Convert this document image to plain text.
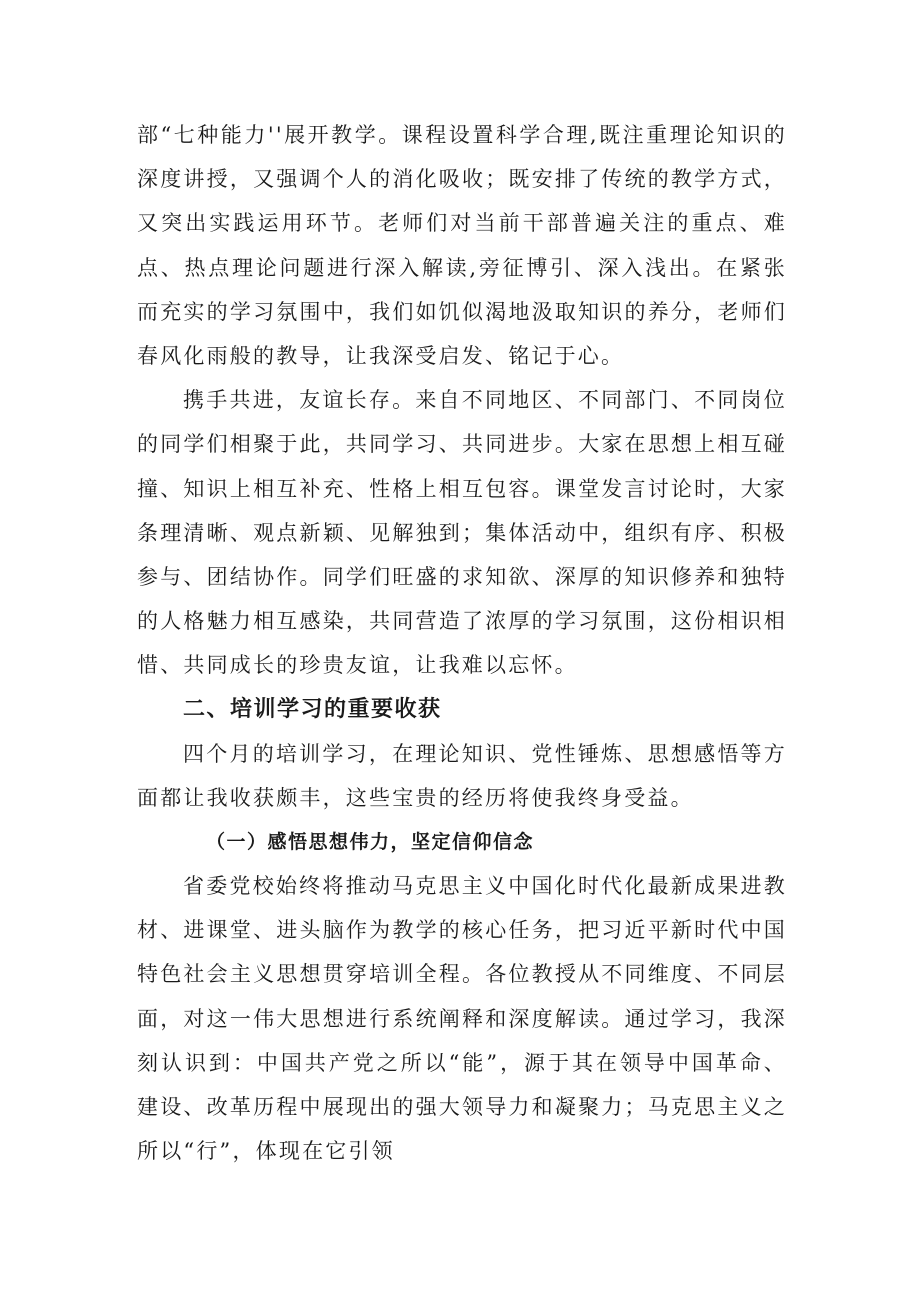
部“七种能力''展开教学。课程设置科学合理,既注重理论知识的深度讲授，又强调个人的消化吸收；既安排了传统的教学方式，又突出实践运用环节。老师们对当前干部普遍关注的重点、难点、热点理论问题进行深入解读,旁征博引、深入浅出。在紧张而充实的学习氛围中，我们如饥似渴地汲取知识的养分，老师们春风化雨般的教导，让我深受启发、铭记于心。

携手共进，友谊长存。来自不同地区、不同部门、不同岗位的同学们相聚于此，共同学习、共同进步。大家在思想上相互碰撞、知识上相互补充、性格上相互包容。课堂发言讨论时，大家条理清晰、观点新颖、见解独到；集体活动中，组织有序、积极参与、团结协作。同学们旺盛的求知欲、深厚的知识修养和独特的人格魅力相互感染，共同营造了浓厚的学习氛围，这份相识相惜、共同成长的珍贵友谊，让我难以忘怀。

二、培训学习的重要收获

四个月的培训学习，在理论知识、党性锤炼、思想感悟等方面都让我收获颇丰，这些宝贵的经历将使我终身受益。

（一）感悟思想伟力，坚定信仰信念

省委党校始终将推动马克思主义中国化时代化最新成果进教材、进课堂、进头脑作为教学的核心任务，把习近平新时代中国特色社会主义思想贯穿培训全程。各位教授从不同维度、不同层面，对这一伟大思想进行系统阐释和深度解读。通过学习，我深刻认识到：中国共产党之所以“能”，源于其在领导中国革命、建设、改革历程中展现出的强大领导力和凝聚力；马克思主义之所以“行”，体现在它引领
